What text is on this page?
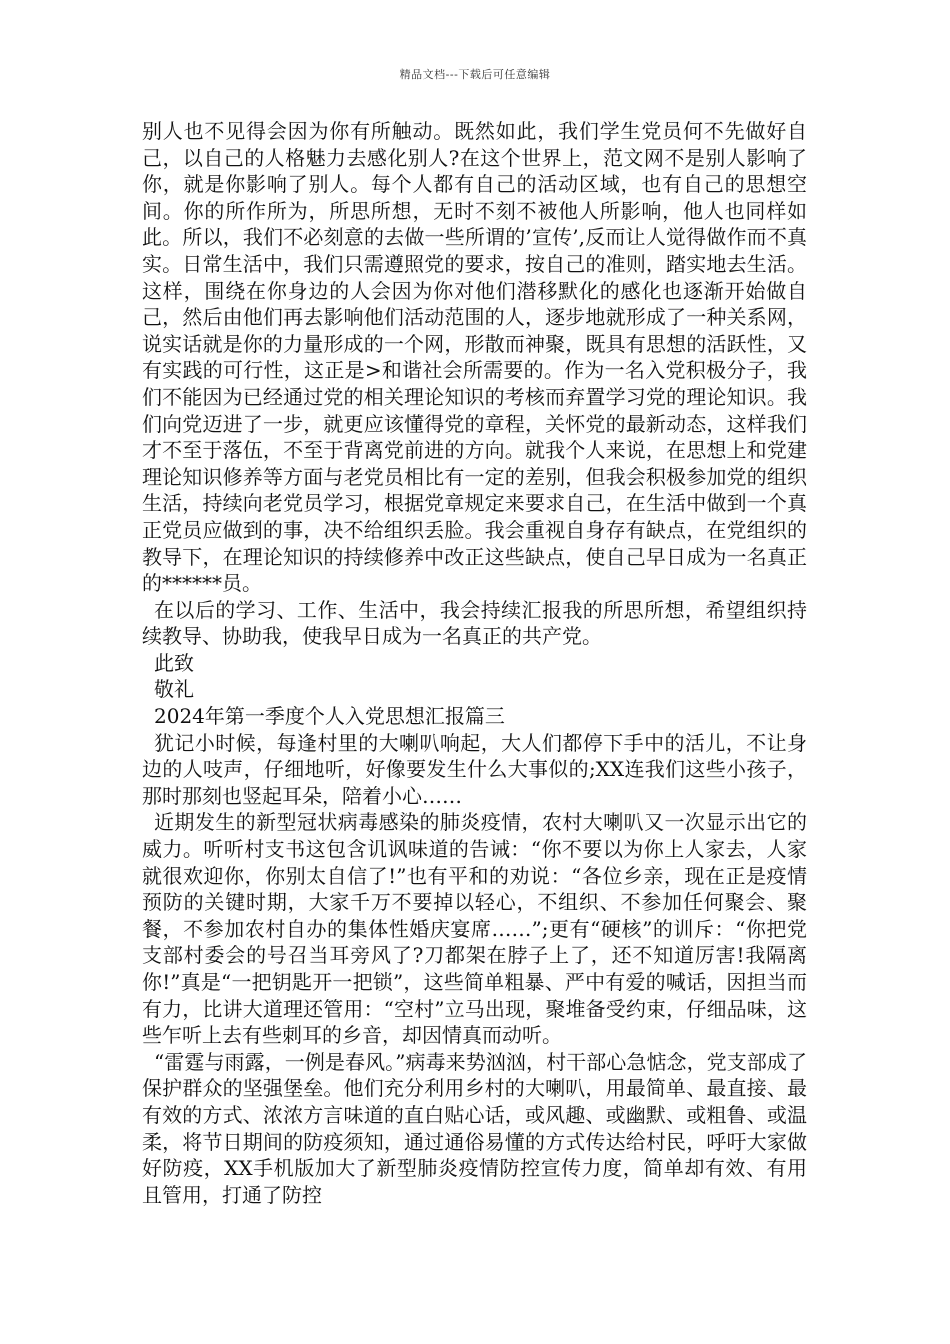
精品文档---下载后可任意编辑

别人也不见得会因为你有所触动。既然如此，我们学生党员何不先做好自己，以自己的人格魅力去感化别人?在这个世界上，范文网不是别人影响了你，就是你影响了别人。每个人都有自己的活动区域，也有自己的思想空间。你的所作所为，所思所想，无时不刻不被他人所影响，他人也同样如此。所以，我们不必刻意的去做一些所谓的’宣传’,反而让人觉得做作而不真实。日常生活中，我们只需遵照党的要求，按自己的准则，踏实地去生活。这样，围绕在你身边的人会因为你对他们潜移默化的感化也逐渐开始做自己，然后由他们再去影响他们活动范围的人，逐步地就形成了一种关系网，说实话就是你的力量形成的一个网，形散而神聚，既具有思想的活跃性，又有实践的可行性，这正是>和谐社会所需要的。作为一名入党积极分子，我们不能因为已经通过党的相关理论知识的考核而弃置学习党的理论知识。我们向党迈进了一步，就更应该懂得党的章程，关怀党的最新动态，这样我们才不至于落伍，不至于背离党前进的方向。就我个人来说，在思想上和党建理论知识修养等方面与老党员相比有一定的差别，但我会积极参加党的组织生活，持续向老党员学习，根据党章规定来要求自己，在生活中做到一个真正党员应做到的事，决不给组织丢脸。我会重视自身存有缺点，在党组织的教导下，在理论知识的持续修养中改正这些缺点，使自己早日成为一名真正的******员。

在以后的学习、工作、生活中，我会持续汇报我的所思所想，希望组织持续教导、协助我，使我早日成为一名真正的共产党。

此致

敬礼

2024年第一季度个人入党思想汇报篇三

犹记小时候，每逢村里的大喇叭响起，大人们都停下手中的活儿，不让身边的人吱声，仔细地听，好像要发生什么大事似的;XX连我们这些小孩子，那时那刻也竖起耳朵，陪着小心……

近期发生的新型冠状病毒感染的肺炎疫情，农村大喇叭又一次显示出它的威力。听听村支书这包含讥讽味道的告诫：“你不要以为你上人家去，人家就很欢迎你，你别太自信了!”也有平和的劝说：“各位乡亲，现在正是疫情预防的关键时期，大家千万不要掉以轻心，不组织、不参加任何聚会、聚餐，不参加农村自办的集体性婚庆宴席……”;更有“硬核”的训斥：“你把党支部村委会的号召当耳旁风了?刀都架在脖子上了，还不知道厉害!我隔离你!”真是“一把钥匙开一把锁”，这些简单粗暴、严中有爱的喊话，因担当而有力，比讲大道理还管用：“空村”立马出现，聚堆备受约束，仔细品味，这些乍听上去有些刺耳的乡音，却因情真而动听。

“雷霆与雨露，一例是春风。”病毒来势汹汹，村干部心急惦念，党支部成了保护群众的坚强堡垒。他们充分利用乡村的大喇叭，用最简单、最直接、最有效的方式、浓浓方言味道的直白贴心话，或风趣、或幽默、或粗鲁、或温柔，将节日期间的防疫须知，通过通俗易懂的方式传达给村民，呼吁大家做好防疫，XX手机版加大了新型肺炎疫情防控宣传力度，简单却有效、有用且管用，打通了防控
